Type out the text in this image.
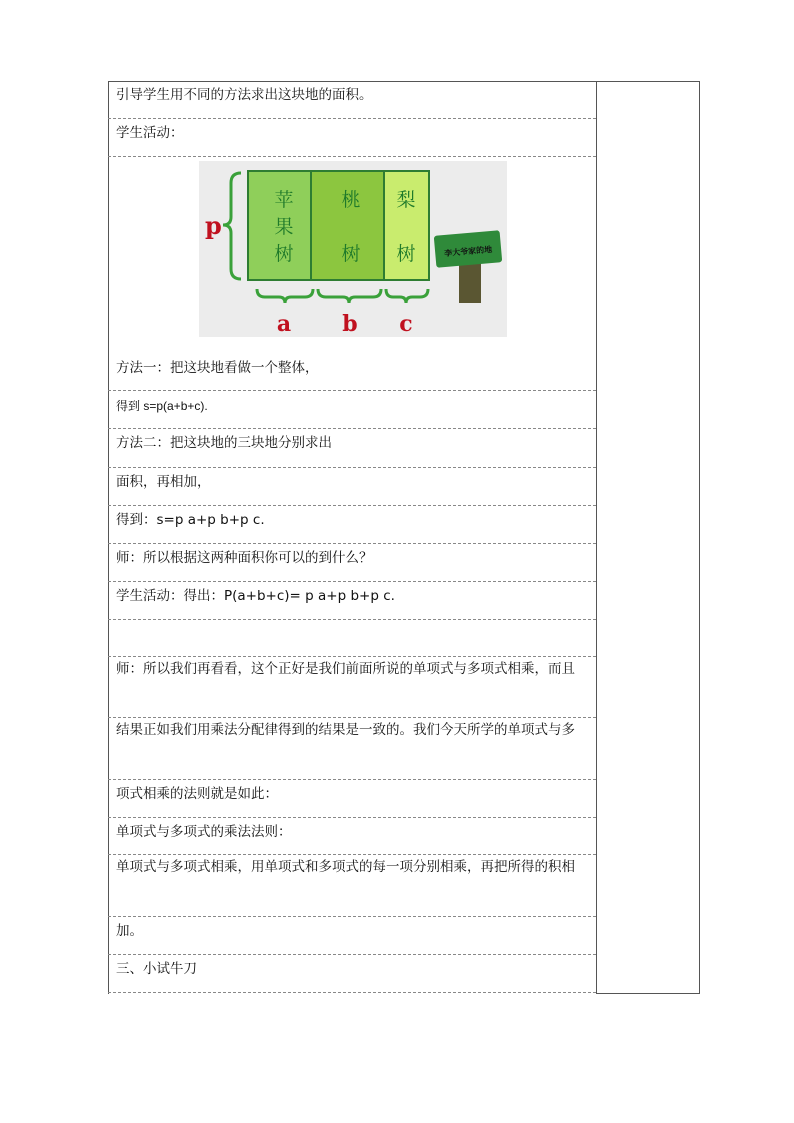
引导学生用不同的方法求出这块地的面积。
学生活动：
苹
果
树
桃
树
梨
树
p
a b c
李大爷家的地
方法一：把这块地看做一个整体，
得到 s=p(a+b+c).
方法二：把这块地的三块地分别求出
面积，再相加，
得到：s=p a+p b+p c.
师：所以根据这两种面积你可以的到什么？
学生活动：得出：P(a+b+c)= p a+p b+p c.
师：所以我们再看看，这个正好是我们前面所说的单项式与多项式相乘，而且
结果正如我们用乘法分配律得到的结果是一致的。我们今天所学的单项式与多
项式相乘的法则就是如此：
单项式与多项式的乘法法则：
单项式与多项式相乘，用单项式和多项式的每一项分别相乘，再把所得的积相
加。
三、小试牛刀
